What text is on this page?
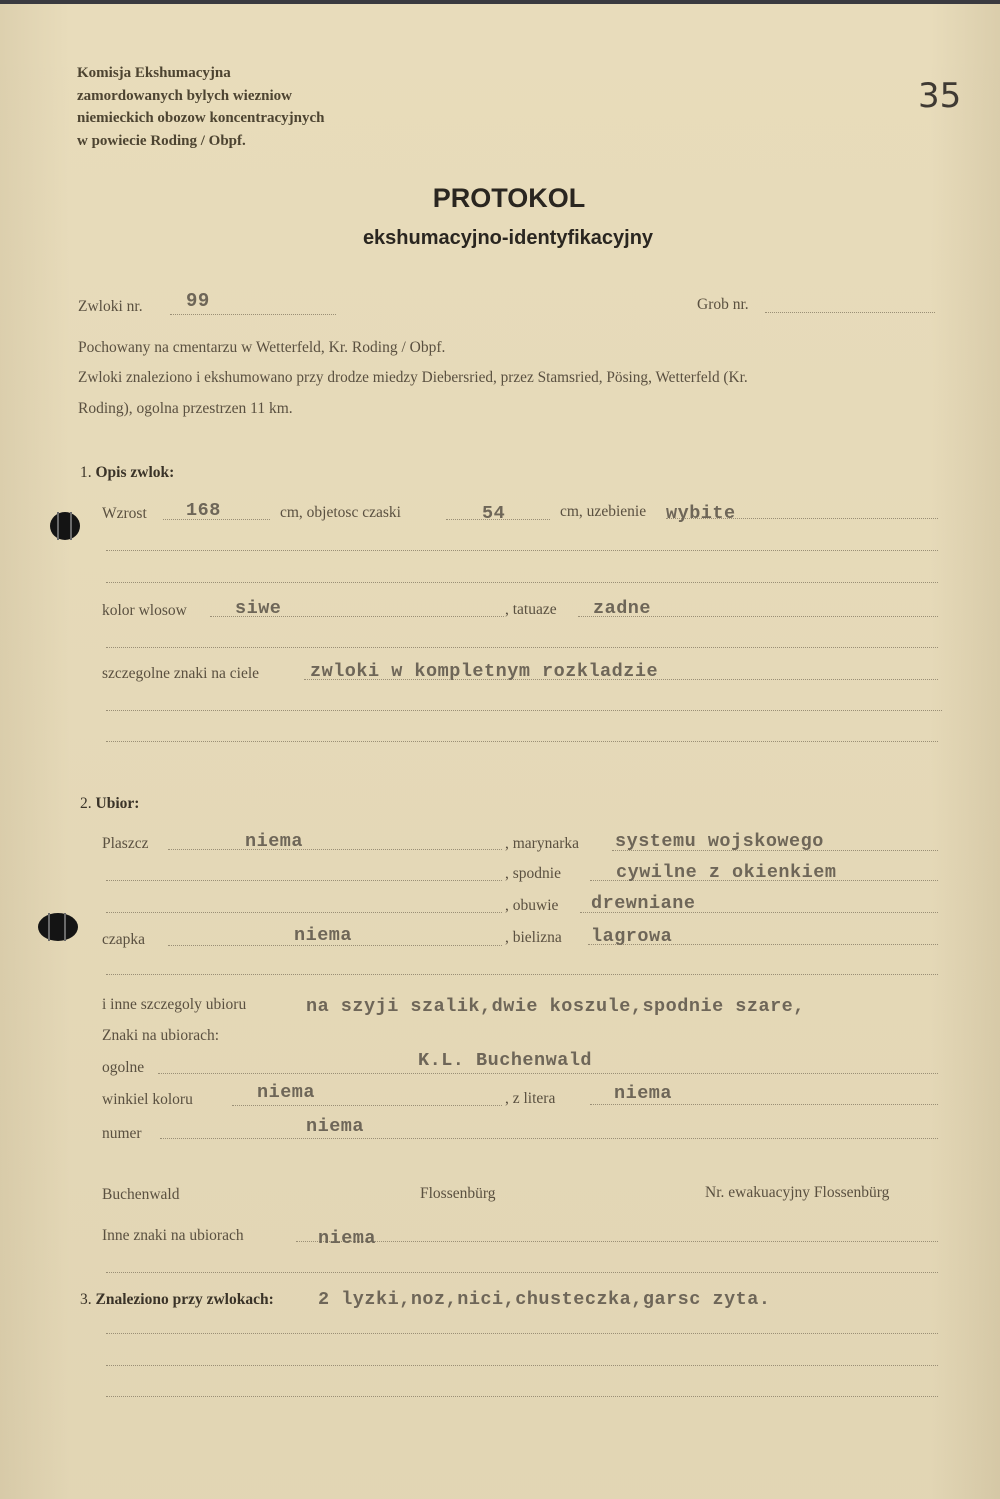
Komisja Ekshumacyjna
zamordowanych bylych wiezniow
niemieckich obozow koncentracyjnych
w powiecie Roding / Obpf.
35
PROTOKOL
ekshumacyjno-identyfikacyjny
Zwloki nr. 99	Grob nr.
Pochowany na cmentarzu w Wetterfeld, Kr. Roding / Obpf.
Zwloki znaleziono i ekshumowano przy drodze miedzy Diebersried, przez Stamsried, Pösing, Wetterfeld (Kr.
Roding), ogolna przestrzen 11 km.
1. Opis zwlok:
Wzrost 168	cm, objetosc czaski	54	cm, uzebienie wybite
kolor wlosow	siwe	, tatuaze zadne
szczegolne znaki na ciele	zwloki w kompletnym rozkladzie
2. Ubior:
Plaszcz	niema	, marynarka systemu wojskowego
, spodnie	cywilne z okienkiem
, obuwie drewniane
czapka	niema	, bielizna lagrowa
i inne szczegoly ubioru	na szyji szalik,dwie koszule,spodnie szare,
Znaki na ubiorach:
ogolne	K.L. Buchenwald
winkiel koloru	niema	, z litera	niema
numer	niema
Buchenwald	Flossenbürg	Nr. ewakuacyjny Flossenbürg
Inne znaki na ubiorach	niema
3. Znaleziono przy zwlokach: 2 lyzki,noz,nici,chusteczka,garsc zyta.
